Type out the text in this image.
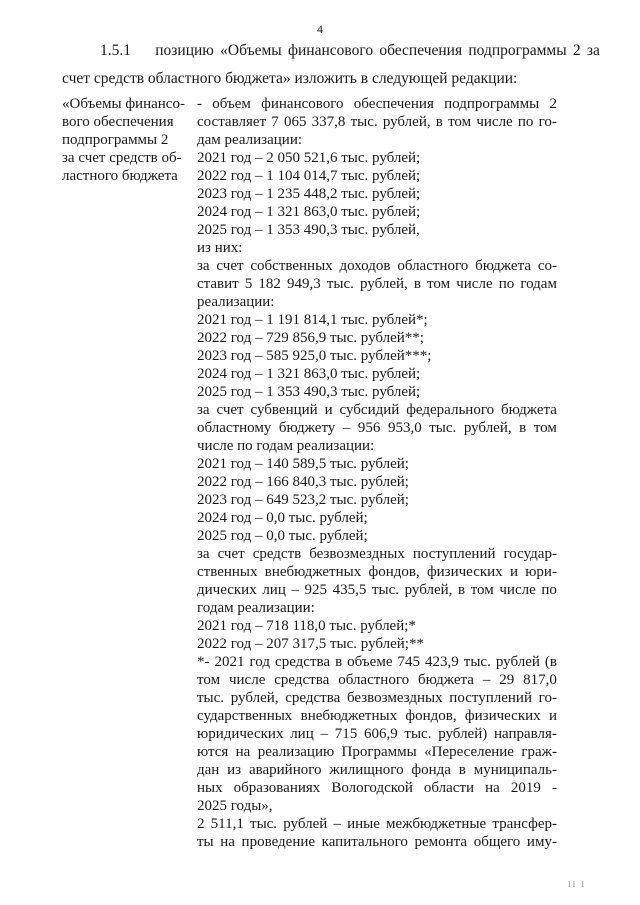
4
1.5.1 позицию «Объемы финансового обеспечения подпрограммы 2 за
счет средств областного бюджета» изложить в следующей редакции:
«Объемы финансо-
вого обеспечения
подпрограммы 2
за счет средств об-
ластного бюджета
- объем финансового обеспечения подпрограммы 2
составляет 7 065 337,8 тыс. рублей, в том числе по го-
дам реализации:
2021 год – 2 050 521,6 тыс. рублей;
2022 год – 1 104 014,7 тыс. рублей;
2023 год – 1 235 448,2 тыс. рублей;
2024 год – 1 321 863,0 тыс. рублей;
2025 год – 1 353 490,3 тыс. рублей,
из них:
за счет собственных доходов областного бюджета со-
ставит 5 182 949,3 тыс. рублей, в том числе по годам
реализации:
2021 год – 1 191 814,1 тыс. рублей*;
2022 год – 729 856,9 тыс. рублей**;
2023 год – 585 925,0 тыс. рублей***;
2024 год – 1 321 863,0 тыс. рублей;
2025 год – 1 353 490,3 тыс. рублей;
за счет субвенций и субсидий федерального бюджета
областному бюджету – 956 953,0 тыс. рублей, в том
числе по годам реализации:
2021 год – 140 589,5 тыс. рублей;
2022 год – 166 840,3 тыс. рублей;
2023 год – 649 523,2 тыс. рублей;
2024 год – 0,0 тыс. рублей;
2025 год – 0,0 тыс. рублей;
за счет средств безвозмездных поступлений государ-
ственных внебюджетных фондов, физических и юри-
дических лиц – 925 435,5 тыс. рублей, в том числе по
годам реализации:
2021 год – 718 118,0 тыс. рублей;*
2022 год – 207 317,5 тыс. рублей;**
*- 2021 год средства в объеме 745 423,9 тыс. рублей (в
том числе средства областного бюджета – 29 817,0
тыс. рублей, средства безвозмездных поступлений го-
сударственных внебюджетных фондов, физических и
юридических лиц – 715 606,9 тыс. рублей) направля-
ются на реализацию Программы «Переселение граж-
дан из аварийного жилищного фонда в муниципаль-
ных образованиях Вологодской области на 2019 -
2025 годы»,
2 511,1 тыс. рублей – иные межбюджетные трансфер-
ты на проведение капитального ремонта общего иму-
II I
